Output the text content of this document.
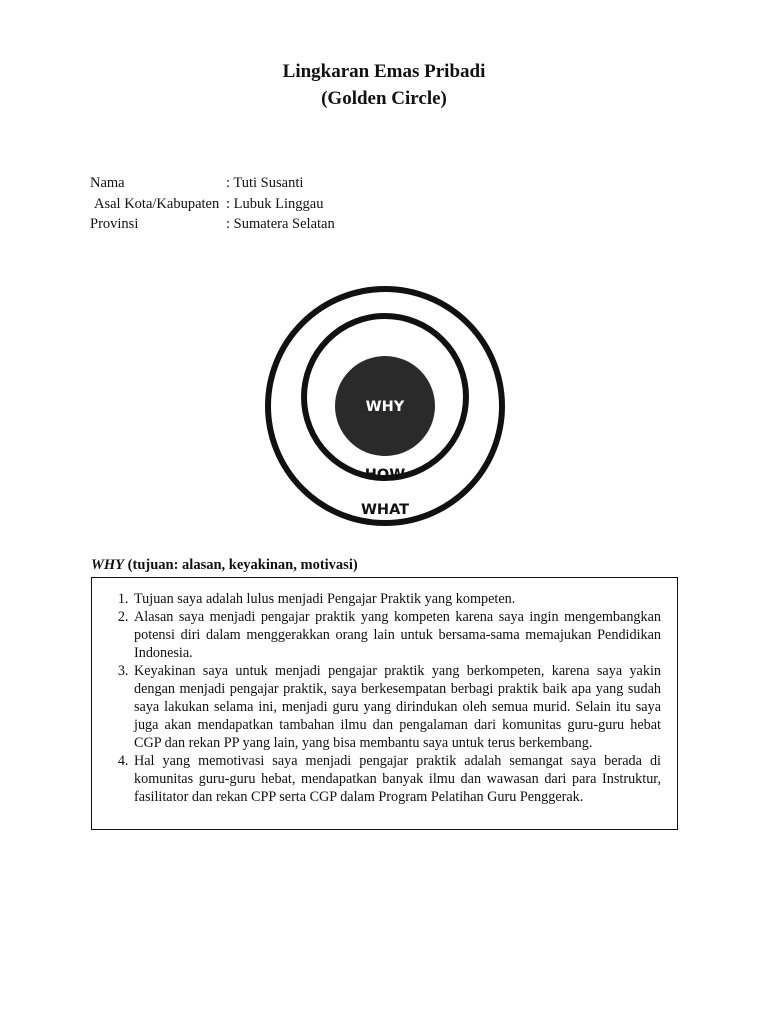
Lingkaran Emas Pribadi
(Golden Circle)
Nama	: Tuti Susanti
Asal Kota/Kabupaten : Lubuk Linggau
Provinsi	: Sumatera Selatan
WHY
HOW
WHAT
WHY (tujuan: alasan, keyakinan, motivasi)
1. Tujuan saya adalah lulus menjadi Pengajar Praktik yang kompeten.
2. Alasan saya menjadi pengajar praktik yang kompeten karena saya ingin mengembangkan potensi diri dalam menggerakkan orang lain untuk bersama-sama memajukan Pendidikan Indonesia.
3. Keyakinan saya untuk menjadi pengajar praktik yang berkompeten, karena saya yakin dengan menjadi pengajar praktik, saya berkesempatan berbagi praktik baik apa yang sudah saya lakukan selama ini, menjadi guru yang dirindukan oleh semua murid. Selain itu saya juga akan mendapatkan tambahan ilmu dan pengalaman dari komunitas guru-guru hebat CGP dan rekan PP yang lain, yang bisa membantu saya untuk terus berkembang.
4. Hal yang memotivasi saya menjadi pengajar praktik adalah semangat saya berada di komunitas guru-guru hebat, mendapatkan banyak ilmu dan wawasan dari para Instruktur, fasilitator dan rekan CPP serta CGP dalam Program Pelatihan Guru Penggerak.
